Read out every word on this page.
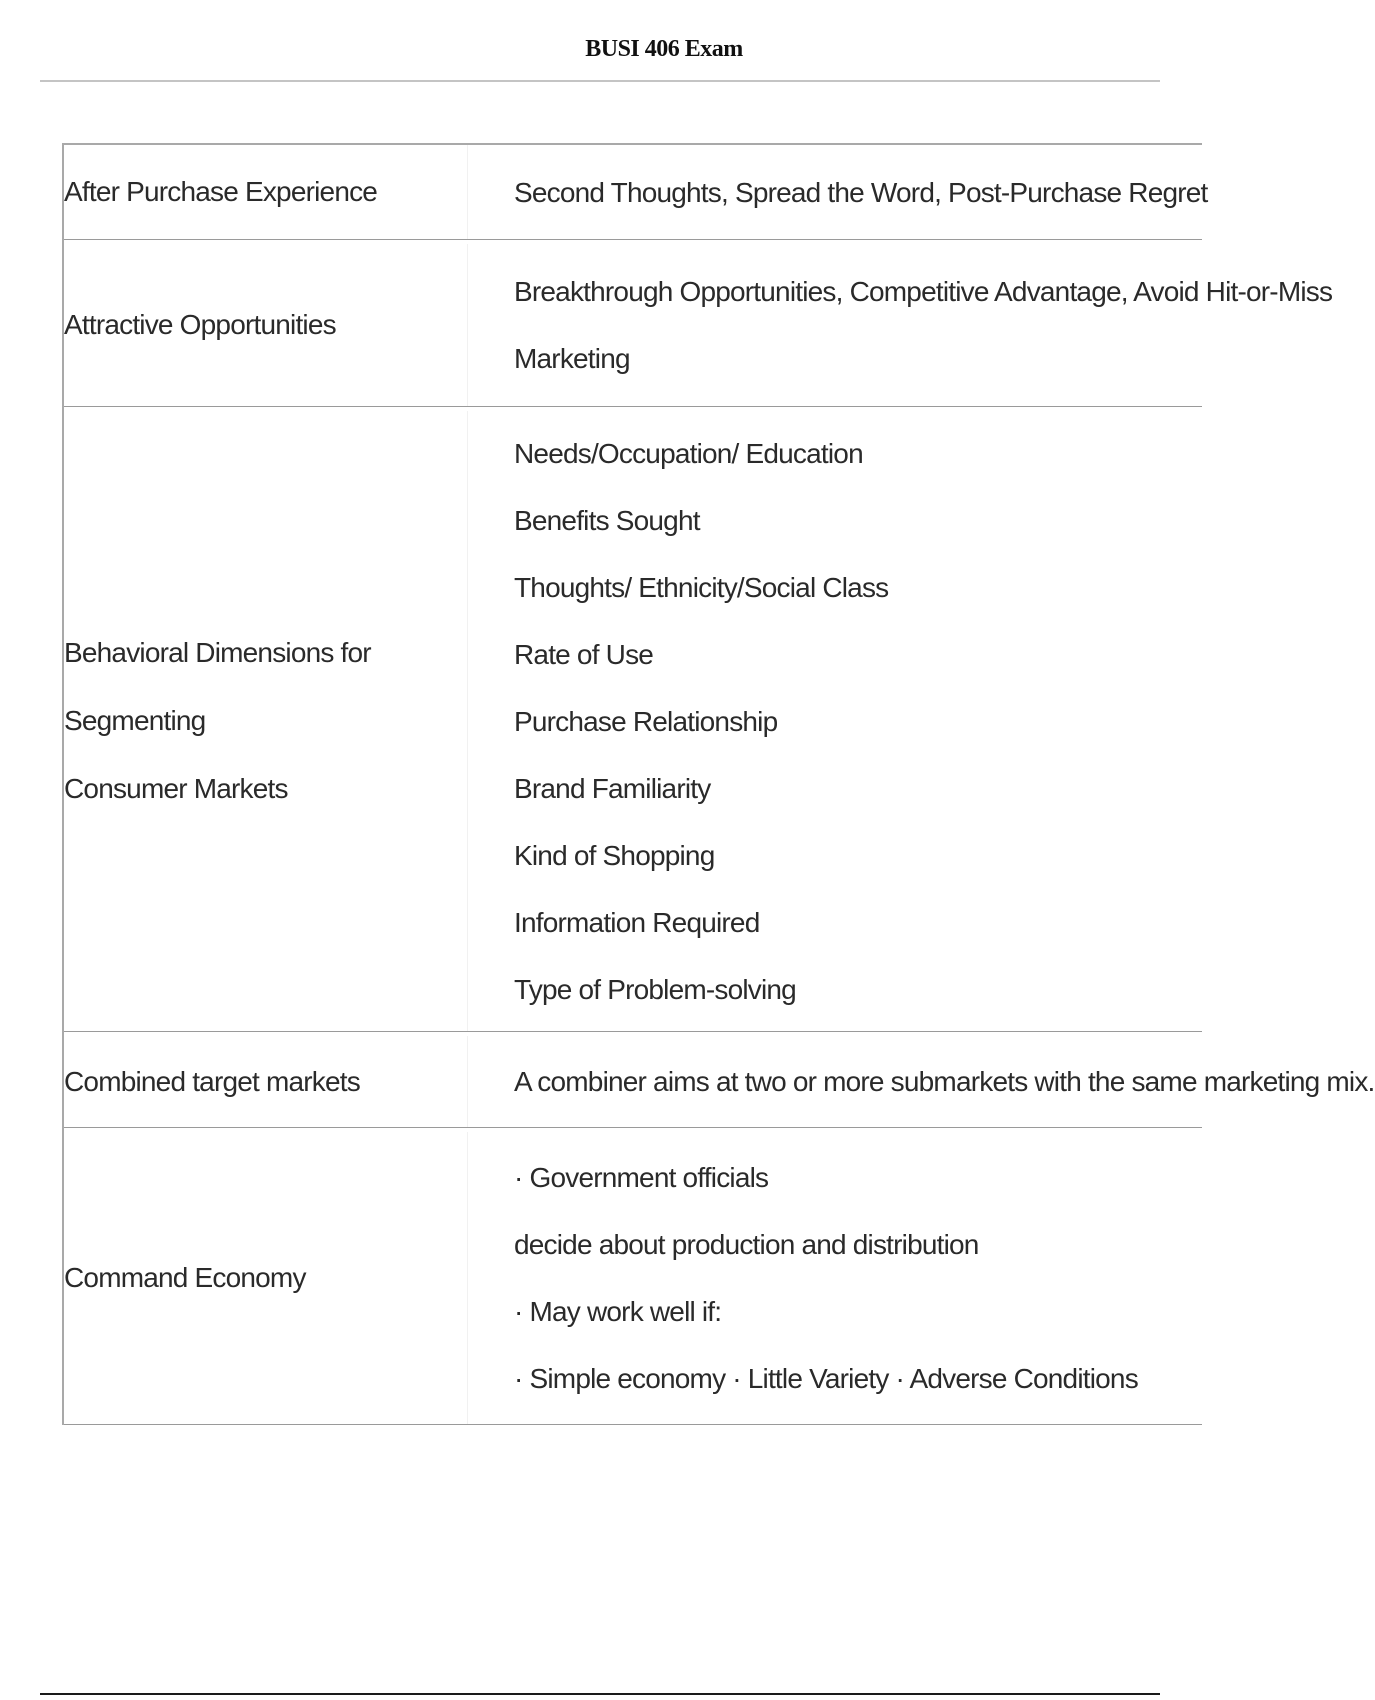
BUSI 406 Exam
After Purchase Experience	Second Thoughts, Spread the Word, Post-Purchase Regret
Attractive Opportunities
Breakthrough Opportunities, Competitive Advantage, Avoid Hit-or-Miss
Marketing
Behavioral Dimensions for Segmenting
Consumer Markets
Needs/Occupation/ Education
Benefits Sought
Thoughts/ Ethnicity/Social Class
Rate of Use
Purchase Relationship
Brand Familiarity
Kind of Shopping
Information Required
Type of Problem-solving
Combined target markets	A combiner aims at two or more submarkets with the same marketing mix.
Command Economy
· Government officials
decide about production and distribution
· May work well if:
· Simple economy · Little Variety · Adverse Conditions
